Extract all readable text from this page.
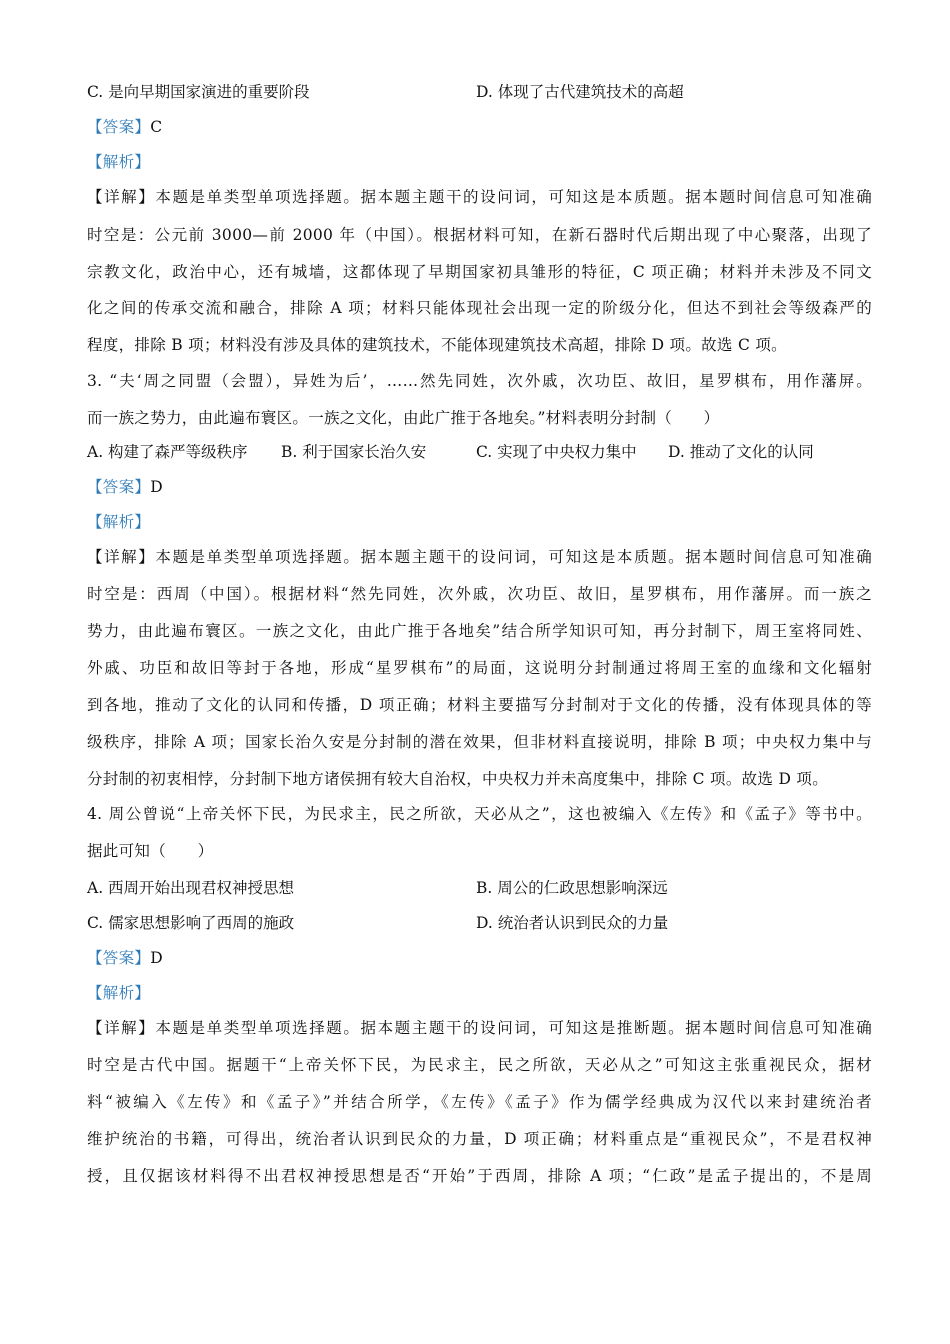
C. 是向早期国家演进的重要阶段	D. 体现了古代建筑技术的高超
【答案】C
【解析】
【详解】本题是单类型单项选择题。据本题主题干的设问词，可知这是本质题。据本题时间信息可知准确
时空是：公元前 3000—前 2000 年（中国）。根据材料可知，在新石器时代后期出现了中心聚落，出现了
宗教文化，政治中心，还有城墙，这都体现了早期国家初具雏形的特征，C 项正确；材料并未涉及不同文
化之间的传承交流和融合，排除 A 项；材料只能体现社会出现一定的阶级分化，但达不到社会等级森严的
程度，排除 B 项；材料没有涉及具体的建筑技术，不能体现建筑技术高超，排除 D 项。故选 C 项。
3. “夫‘周之同盟（会盟），异姓为后’，……然先同姓，次外戚，次功臣、故旧，星罗棋布，用作藩屏。
而一族之势力，由此遍布寰区。一族之文化，由此广推于各地矣。”材料表明分封制（　　）
A. 构建了森严等级秩序 B. 利于国家长治久安	C. 实现了中央权力集中 D. 推动了文化的认同
【答案】D
【解析】
【详解】本题是单类型单项选择题。据本题主题干的设问词，可知这是本质题。据本题时间信息可知准确
时空是：西周（中国）。根据材料“然先同姓，次外戚，次功臣、故旧，星罗棋布，用作藩屏。而一族之
势力，由此遍布寰区。一族之文化，由此广推于各地矣”结合所学知识可知，再分封制下，周王室将同姓、
外戚、功臣和故旧等封于各地，形成“星罗棋布”的局面，这说明分封制通过将周王室的血缘和文化辐射
到各地，推动了文化的认同和传播，D 项正确；材料主要描写分封制对于文化的传播，没有体现具体的等
级秩序，排除 A 项；国家长治久安是分封制的潜在效果，但非材料直接说明，排除 B 项；中央权力集中与
分封制的初衷相悖，分封制下地方诸侯拥有较大自治权，中央权力并未高度集中，排除 C 项。故选 D 项。
4. 周公曾说“上帝关怀下民，为民求主，民之所欲，天必从之”，这也被编入《左传》和《孟子》等书中。
据此可知（　　）
A. 西周开始出现君权神授思想	B. 周公的仁政思想影响深远
C. 儒家思想影响了西周的施政	D. 统治者认识到民众的力量
【答案】D
【解析】
【详解】本题是单类型单项选择题。据本题主题干的设问词，可知这是推断题。据本题时间信息可知准确
时空是古代中国。据题干“上帝关怀下民，为民求主，民之所欲，天必从之”可知这主张重视民众，据材
料“被编入《左传》和《孟子》”并结合所学，《左传》《孟子》作为儒学经典成为汉代以来封建统治者
维护统治的书籍，可得出，统治者认识到民众的力量，D 项正确；材料重点是“重视民众”，不是君权神
授，且仅据该材料得不出君权神授思想是否“开始”于西周，排除 A 项；“仁政”是孟子提出的，不是周
